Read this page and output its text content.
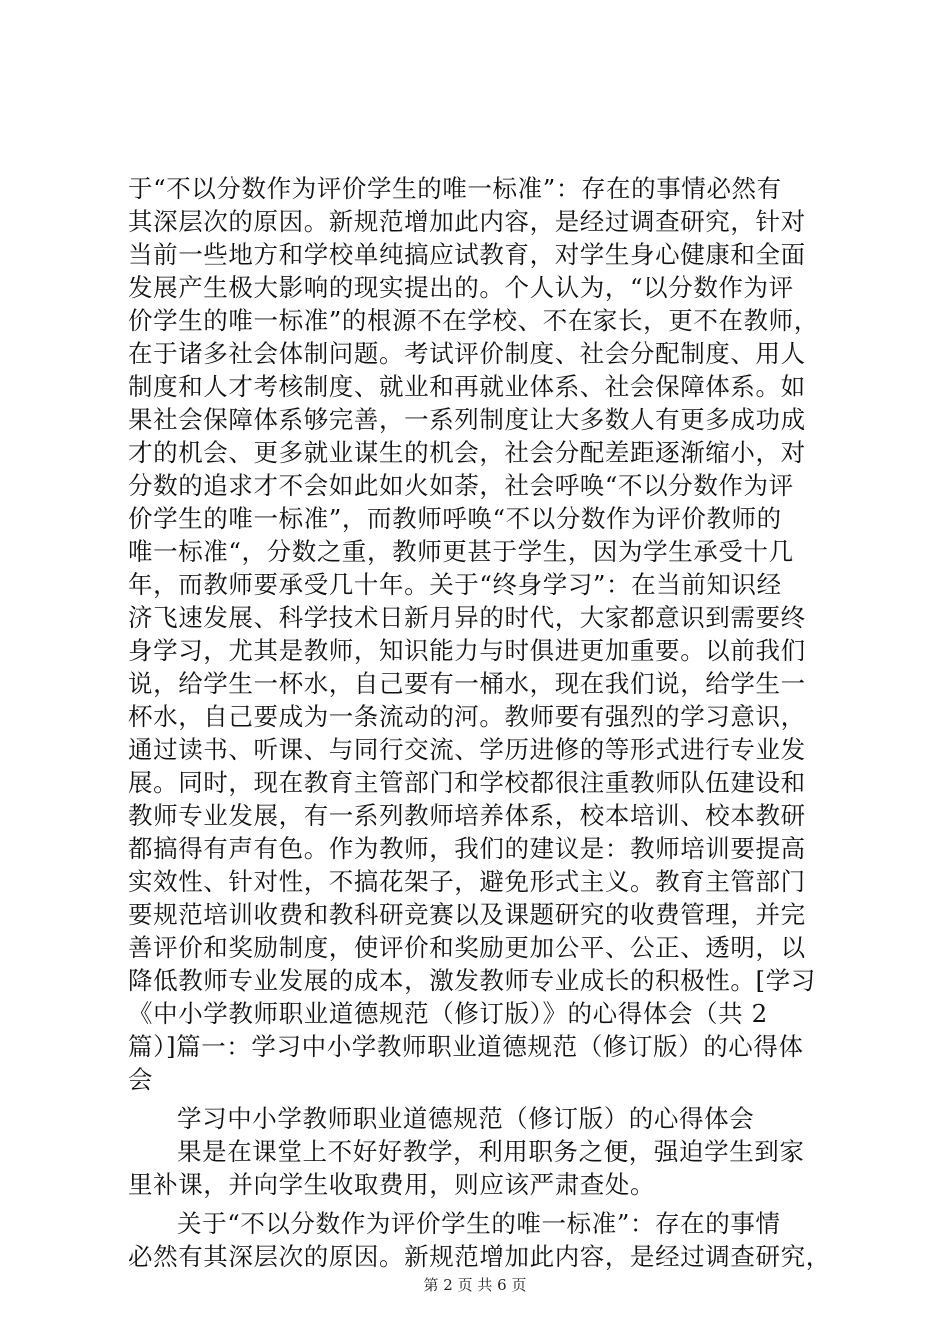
于“不以分数作为评价学生的唯一标准”：存在的事情必然有
其深层次的原因。新规范增加此内容，是经过调查研究，针对
当前一些地方和学校单纯搞应试教育，对学生身心健康和全面
发展产生极大影响的现实提出的。个人认为，“以分数作为评
价学生的唯一标准”的根源不在学校、不在家长，更不在教师，
在于诸多社会体制问题。考试评价制度、社会分配制度、用人
制度和人才考核制度、就业和再就业体系、社会保障体系。如
果社会保障体系够完善，一系列制度让大多数人有更多成功成
才的机会、更多就业谋生的机会，社会分配差距逐渐缩小，对
分数的追求才不会如此如火如荼，社会呼唤“不以分数作为评
价学生的唯一标准”，而教师呼唤“不以分数作为评价教师的
唯一标准“，分数之重，教师更甚于学生，因为学生承受十几
年，而教师要承受几十年。关于“终身学习”：在当前知识经
济飞速发展、科学技术日新月异的时代，大家都意识到需要终
身学习，尤其是教师，知识能力与时俱进更加重要。以前我们
说，给学生一杯水，自己要有一桶水，现在我们说，给学生一
杯水，自己要成为一条流动的河。教师要有强烈的学习意识，
通过读书、听课、与同行交流、学历进修的等形式进行专业发
展。同时，现在教育主管部门和学校都很注重教师队伍建设和
教师专业发展，有一系列教师培养体系，校本培训、校本教研
都搞得有声有色。作为教师，我们的建议是：教师培训要提高
实效性、针对性，不搞花架子，避免形式主义。教育主管部门
要规范培训收费和教科研竞赛以及课题研究的收费管理，并完
善评价和奖励制度，使评价和奖励更加公平、公正、透明，以
降低教师专业发展的成本，激发教师专业成长的积极性。[学习
《中小学教师职业道德规范（修订版）》的心得体会（共 2
篇）]篇一：学习中小学教师职业道德规范（修订版）的心得体
会
学习中小学教师职业道德规范（修订版）的心得体会
果是在课堂上不好好教学，利用职务之便，强迫学生到家
里补课，并向学生收取费用，则应该严肃查处。
关于“不以分数作为评价学生的唯一标准”：存在的事情
必然有其深层次的原因。新规范增加此内容，是经过调查研究，
第 2 页 共 6 页
